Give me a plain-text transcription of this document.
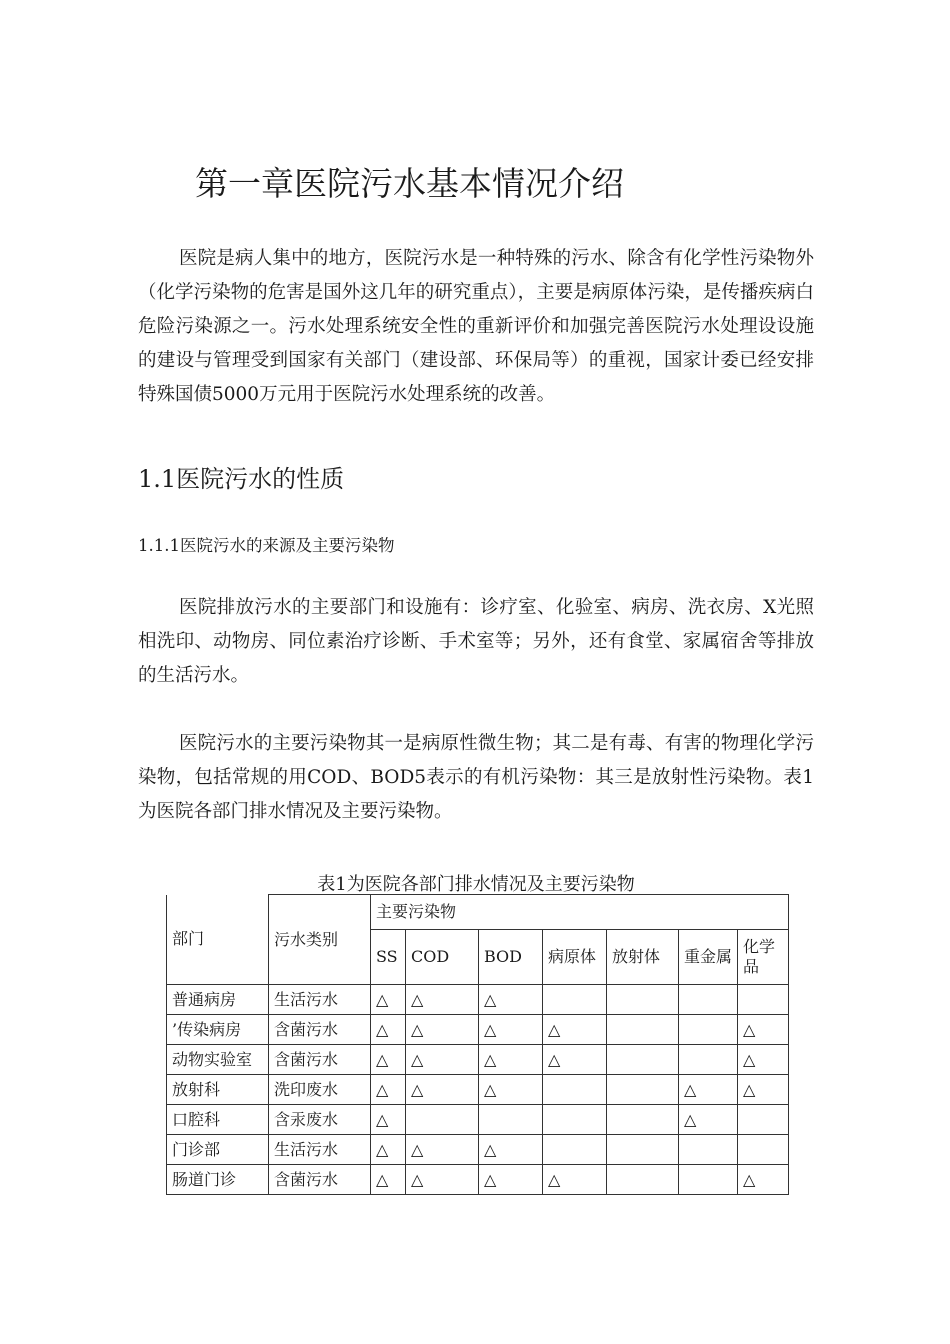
第一章医院污水基本情况介绍

医院是病人集中的地方，医院污水是一种特殊的污水、除含有化学性污染物外（化学污染物的危害是国外这几年的研究重点），主要是病原体污染，是传播疾病白危险污染源之一。污水处理系统安全性的重新评价和加强完善医院污水处理设设施的建设与管理受到国家有关部门（建设部、环保局等）的重视，国家计委已经安排特殊国债5000万元用于医院污水处理系统的改善。

1.1医院污水的性质
1.1.1医院污水的来源及主要污染物

医院排放污水的主要部门和设施有：诊疗室、化验室、病房、洗衣房、X光照相洗印、动物房、同位素治疗诊断、手术室等；另外，还有食堂、家属宿舍等排放的生活污水。

医院污水的主要污染物其一是病原性微生物；其二是有毒、有害的物理化学污染物，包括常规的用COD、BOD5表示的有机污染物：其三是放射性污染物。表1为医院各部门排水情况及主要污染物。

表1为医院各部门排水情况及主要污染物
部门	污水类别	主要污染物						
		SS	COD	BOD	病原体	放射体	重金属	化学品
普通病房	生活污水	△	△	△				
’传染病房	含菌污水	△	△	△	△			△
动物实验室	含菌污水	△	△	△	△			△
放射科	洗印废水	△	△	△			△	△
口腔科	含汞废水	△					△	
门诊部	生活污水	△	△	△				
肠道门诊	含菌污水	△	△	△	△			△
